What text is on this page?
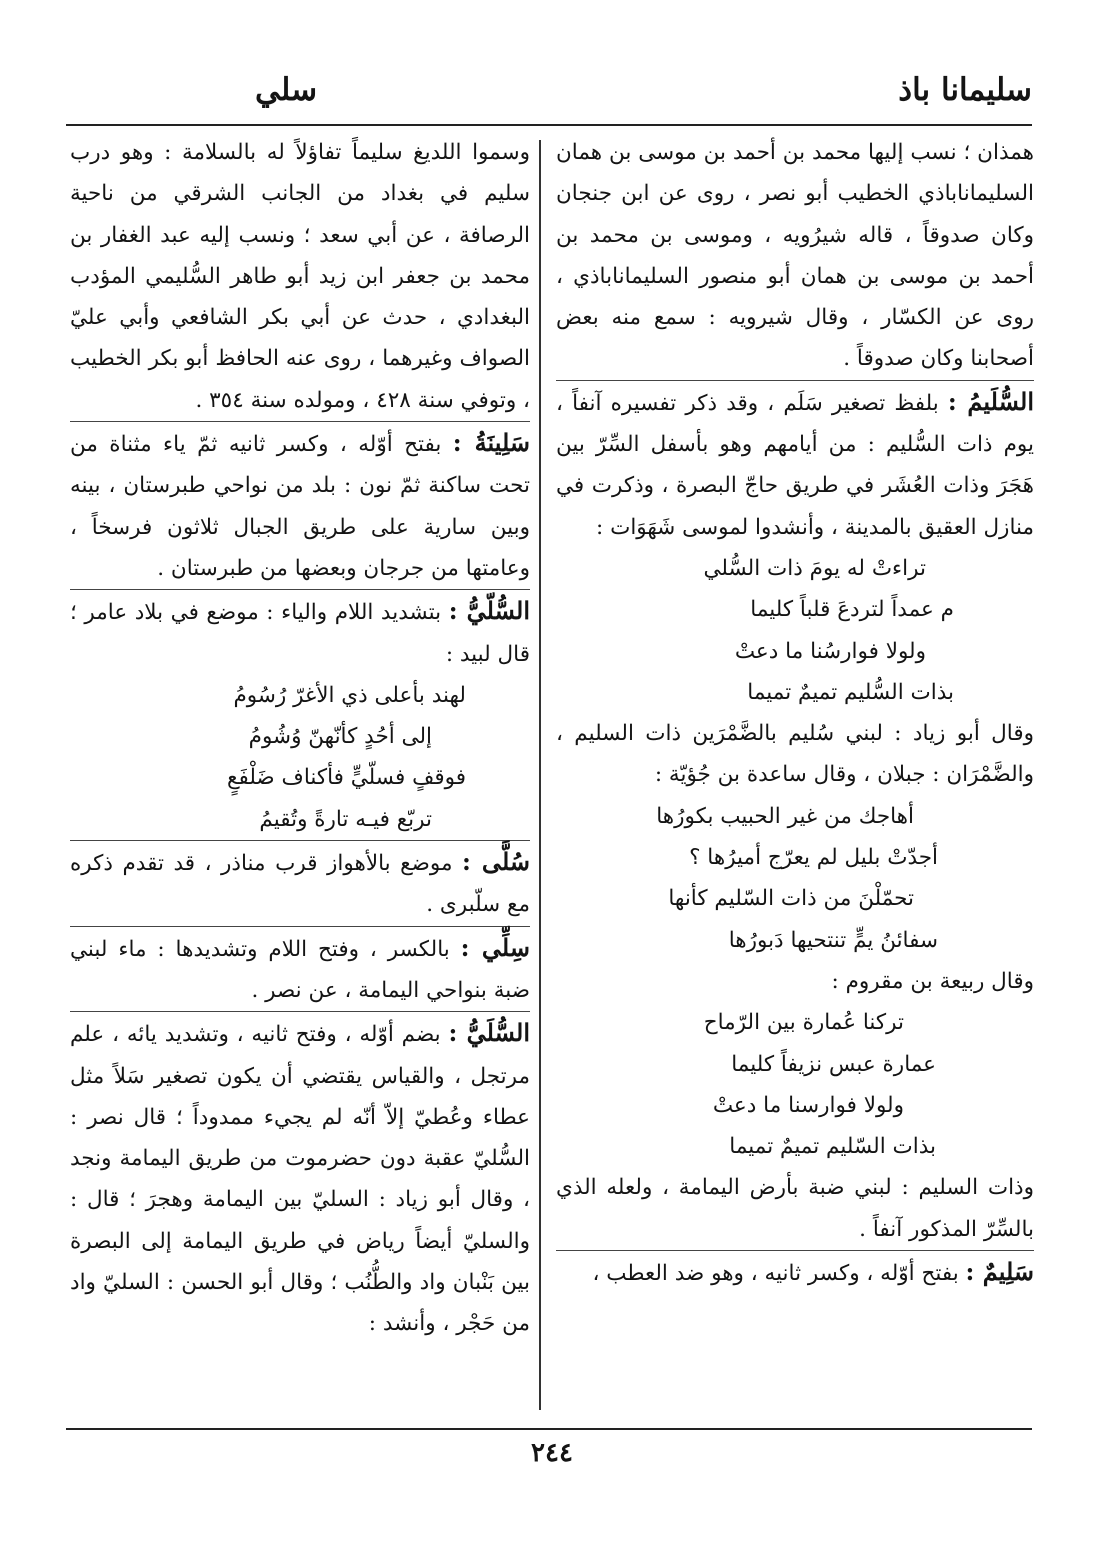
سليمانا باذ
سلي

همذان ؛ نسب إليها محمد بن أحمد بن موسى بن همان السليماناباذي الخطيب أبو نصر ، روى عن ابن جنجان وكان صدوقاً ، قاله شيرُويه ، وموسى بن محمد بن أحمد بن موسى بن همان أبو منصور السليماناباذي ، روى عن الكسّار ، وقال شيرويه : سمع منه بعض أصحابنا وكان صدوقاً .

السُّلَيمُ : بلفظ تصغير سَلَم ، وقد ذكر تفسيره آنفاً ، يوم ذات السُّليم : من أيامهم وهو بأسفل السِّرّ بين هَجَرَ وذات العُشَر في طريق حاجّ البصرة ، وذكرت في منازل العقيق بالمدينة ، وأنشدوا لموسى شَهَوَات :

تراءتْ له يومَ ذات السُّلي

م عمداً لتردعَ قلباً كليما

ولولا فوارسُنا ما دعتْ

بذات السُّليم تميمٌ تميما

وقال أبو زياد : لبني سُليم بالضَّمْرَين ذات السليم ، والضَّمْرَان : جبلان ، وقال ساعدة بن جُؤيّة :

أهاجك من غير الحبيب بكورُها

أجدّتْ بليل لم يعرّج أميرُها ؟

تحمّلْنَ من ذات السّليم كأنها

سفائنُ يمٍّ تنتحيها دَبورُها

وقال ربيعة بن مقروم :

تركنا عُمارة بين الرّماح

عمارة عبس نزيفاً كليما

ولولا فوارسنا ما دعتْ

بذات السّليم تميمٌ تميما

وذات السليم : لبني ضبة بأرض اليمامة ، ولعله الذي بالسِّرّ المذكور آنفاً .

سَلِيمٌ : بفتح أوّله ، وكسر ثانيه ، وهو ضد العطب ،

وسموا اللديغ سليماً تفاؤلاً له بالسلامة : وهو درب سليم في بغداد من الجانب الشرقي من ناحية الرصافة ، عن أبي سعد ؛ ونسب إليه عبد الغفار بن محمد بن جعفر ابن زيد أبو طاهر السُّليمي المؤدب البغدادي ، حدث عن أبي بكر الشافعي وأبي عليّ الصواف وغيرهما ، روى عنه الحافظ أبو بكر الخطيب ، وتوفي سنة ٤٢٨ ، ومولده سنة ٣٥٤ .

سَلِينَةُ : بفتح أوّله ، وكسر ثانيه ثمّ ياء مثناة من تحت ساكنة ثمّ نون : بلد من نواحي طبرستان ، بينه وبين سارية على طريق الجبال ثلاثون فرسخاً ، وعامتها من جرجان وبعضها من طبرستان .

السُّلّيُّ : بتشديد اللام والياء : موضع في بلاد عامر ؛ قال لبيد :

لهند بأعلى ذي الأغرّ رُسُومُ

إلى أحُدٍ كأنّهنّ وُشُومُ

فوقفٍ فسلّيٍّ فأكناف ضَلْفَعٍ

تربّع فيـه تارةً وتُقيمُ

سُلَّى : موضع بالأهواز قرب مناذر ، قد تقدم ذكره مع سلّبرى .

سِلِّي : بالكسر ، وفتح اللام وتشديدها : ماء لبني ضبة بنواحي اليمامة ، عن نصر .

السُّلَيُّ : بضم أوّله ، وفتح ثانيه ، وتشديد يائه ، علم مرتجل ، والقياس يقتضي أن يكون تصغير سَلاً مثل عطاء وعُطيّ إلاّ أنّه لم يجيء ممدوداً ؛ قال نصر : السُّليّ عقبة دون حضرموت من طريق اليمامة ونجد ، وقال أبو زياد : السليّ بين اليمامة وهجرَ ؛ قال : والسليّ أيضاً رياض في طريق اليمامة إلى البصرة بين بَنْبان واد والطُّنُب ؛ وقال أبو الحسن : السليّ واد من حَجْر ، وأنشد :

٢٤٤
